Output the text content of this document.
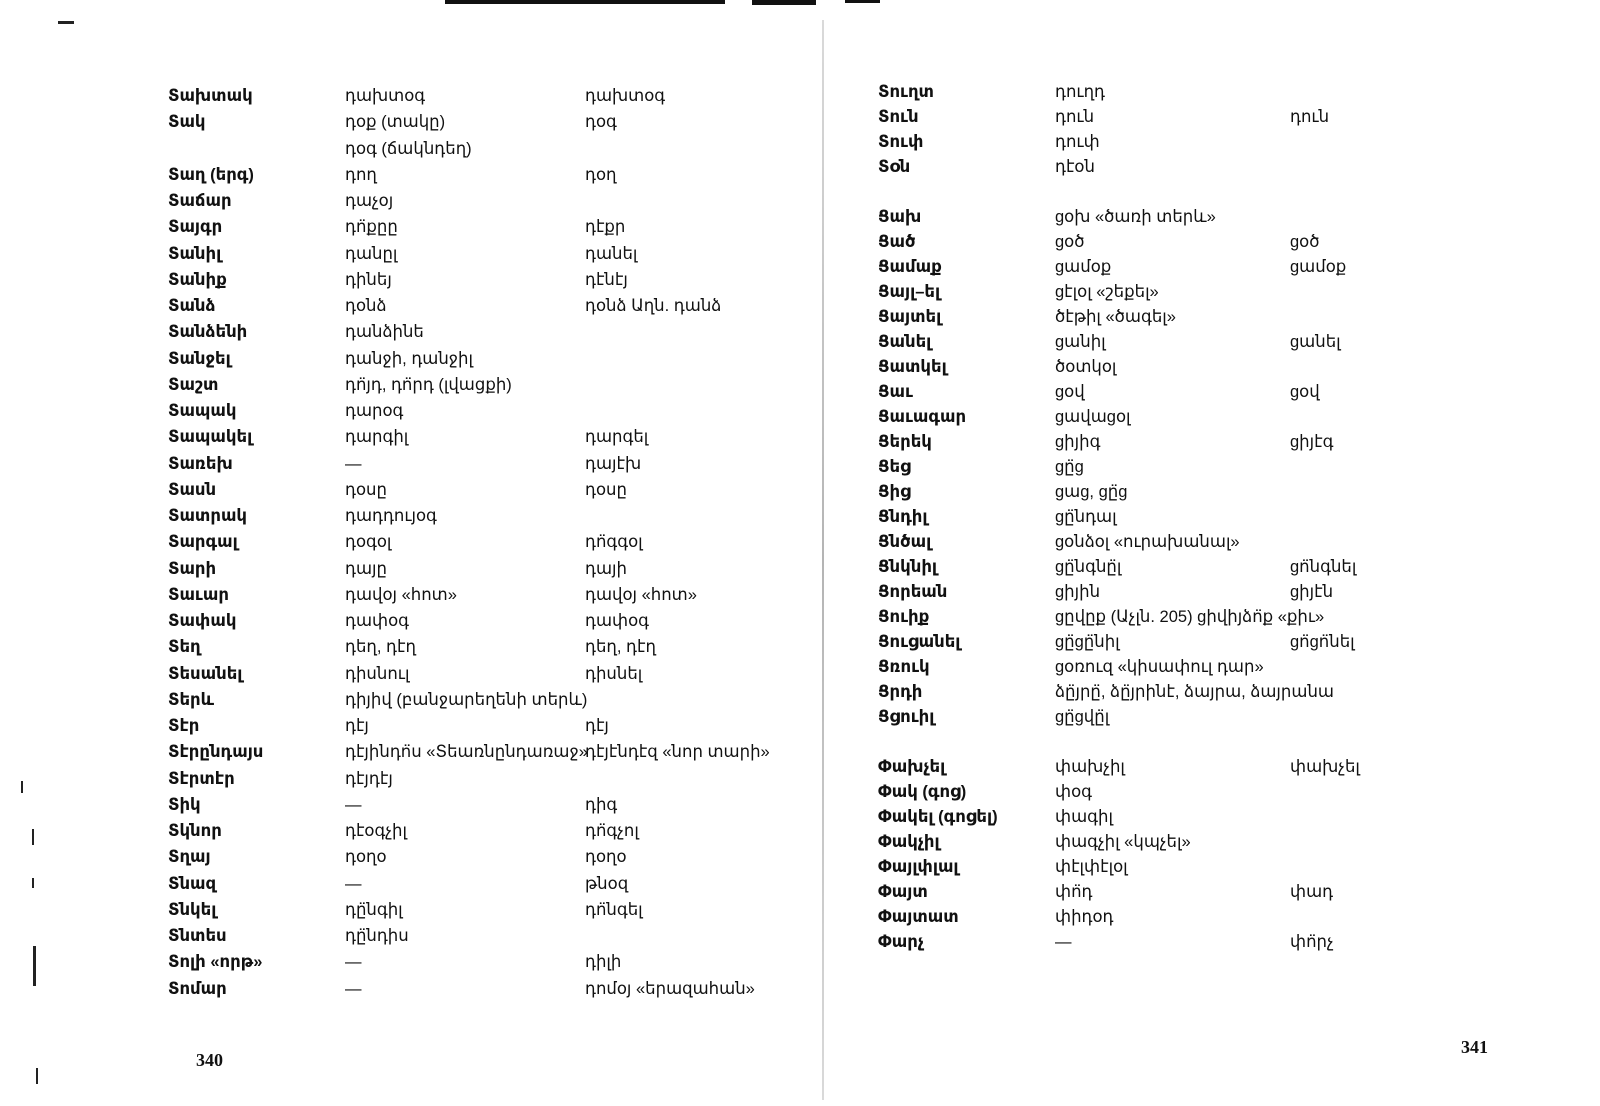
Տախտակ	դախտօգ	դախտօգ
Տակ	դօք (տակը)	դօգ
դօգ (ճակնդեղ)
Տաղ (երգ)	դող	դօղ
Տաճար	դաչօյ
Տայգր	դո̈քըը	դէքր
Տանիլ	դանըլ	դանել
Տանիք	դինեյ	դէնէյ
Տանձ	դօնձ	դօնձ Աղն. դանձ
Տանձենի	դանձինե
Տանջել	դանջի, դանջիլ
Տաշտ	դո̈յդ, դո̈րդ (լվացքի)
Տապակ	դարօգ
Տապակել	դարգիլ	դարգել
Տառեխ	—	դայէխ
Տասն	դօսը	դօսը
Տատրակ	դադդույօգ
Տարգալ	դօգօլ	դո̈գգօլ
Տարի	դայը	դայի
Տաւար	դավօյ «հոտ»	դավօյ «հոտ»
Տափակ	դափօգ	դափօգ
Տեղ	դեղ, դէղ	դեղ, դէղ
Տեսանել	դիսնուլ	դիսնել
Տերև	դիյիվ (բանջարեղենի տերև)
Տէր	դէյ	դէյ
Տէրընդայս	դէյինդո̈ս «Տեառնընդառաջ»
դէյէնդէզ «նոր տարի»
Տէրտէր	դէյդէյ
Տիկ	—	դիգ
Տկնոր	դէօգչիլ	դո̈գչոլ
Տղայ	դօղօ	դօղօ
Տնազ	—	թնօզ
Տնկել	դը̈նգիլ	դո̈նգել
Տնտես	դը̈նդիս
Տոլի «որթ»	—	դիլի
Տոմար	—	դոմօյ «երազահան»
340
Տուղտ	դուղդ
Տուն	դուն	դուն
Տուփ	դուփ
Տօն	դէօն
Ցախ	gօխ «ծառի տերև»
Ցած	gօծ	gօծ
Ցամաք	gամօք	gամօք
Ցայլ–ել	gէլօլ «շեքել»
Ցայտել	ծէթիլ «ծագել»
Ցանել	gանիլ	gանել
Ցատկել	ծօտկօլ
Ցաւ	gօվ	gօվ
Ցաւագար	gավաgօլ
Ցերեկ	gիյիգ	gիյէգ
Ցեց	gը̈g
Ցից	gաg, gը̈g
Ցնդիլ	gը̈նդալ
Ցնծալ	gօնձօլ «ուրախանալ»
Ցնկնիլ	gը̈նգնը̈լ	gո̈նգնել
Ցորեան	gիյին	gիյէն
Ցուիք	gըվըք (Աչլն. 205) gիվիյձո̈ք «քիւ»
Ցուցանել	gը̈gը̈նիլ	gո̈gո̈նել
Ցռուկ	gօռուզ «կիսափուլ դար»
Ցրդի	ձը̈յրը̈, ձը̈յրինէ, ձայրա, ձայրանա
Ցցուիլ	gը̈gվը̈լ
Փախչել	փախչիլ	փախչել
Փակ (գոց)	փօգ
Փակել (գոցել)	փագիլ
Փակչիլ	փագչիլ «կպչել»
Փայլփլալ	փէլփէլօլ
Փայտ	փո̈դ	փադ
Փայտատ	փիդօդ
Փարչ	—	փո̈րչ
341
